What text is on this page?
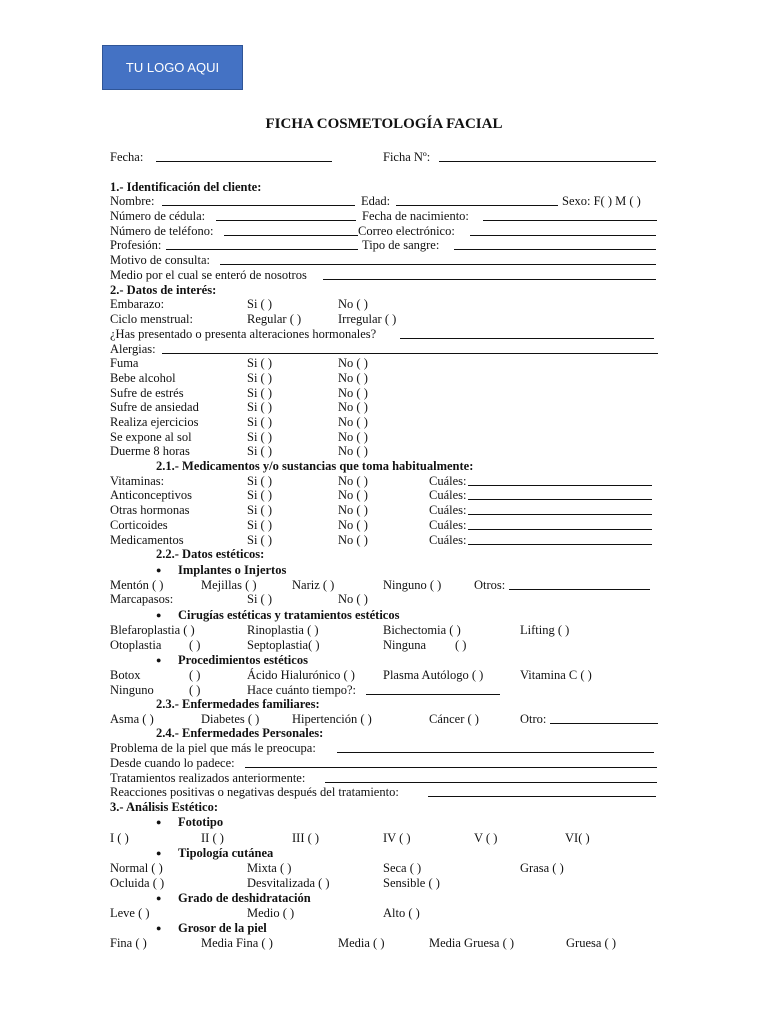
TU LOGO AQUI
FICHA COSMETOLOGÍA FACIAL
Fecha:	Ficha Nº:
1.- Identificación del cliente:
Nombre:	Edad:	Sexo: F( ) M ( )
Número de cédula:	Fecha de nacimiento:
Número de teléfono:	Correo electrónico:
Profesión:	Tipo de sangre:
Motivo de consulta:
Medio por el cual se enteró de nosotros
2.- Datos de interés:
Embarazo:	Si ( )	No ( )
Ciclo menstrual:	Regular ( )	Irregular ( )
¿Has presentado o presenta alteraciones hormonales?
Alergias:
Fuma	Si ( )	No ( )
Bebe alcohol	Si ( )	No ( )
Sufre de estrés	Si ( )	No ( )
Sufre de ansiedad	Si ( )	No ( )
Realiza ejercicios	Si ( )	No ( )
Se expone al sol	Si ( )	No ( )
Duerme 8 horas	Si ( )	No ( )
2.1.- Medicamentos y/o sustancias que toma habitualmente:
Vitaminas:	Si ( )	No ( )	Cuáles:
Anticonceptivos	Si ( )	No ( )	Cuáles:
Otras hormonas	Si ( )	No ( )	Cuáles:
Corticoides	Si ( )	No ( )	Cuáles:
Medicamentos	Si ( )	No ( )	Cuáles:
2.2.- Datos estéticos:
● Implantes o Injertos
Mentón ( )	Mejillas ( )	Nariz ( )	Ninguno ( )	Otros:
Marcapasos:	Si ( )	No ( )
● Cirugías estéticas y tratamientos estéticos
Blefaroplastia ( )	Rinoplastia ( )	Bichectomia ( )	Lifting ( )
Otoplastia ( )	Septoplastia( )	Ninguna ( )
● Procedimientos estéticos
Botox	( )	Ácido Hialurónico ( ) Plasma Autólogo ( )	Vitamina C ( )
Ninguno	( )	Hace cuánto tiempo?:
2.3.- Enfermedades familiares:
Asma ( )	Diabetes ( )	Hipertención ( )	Cáncer ( )	Otro:
2.4.- Enfermedades Personales:
Problema de la piel que más le preocupa:
Desde cuando lo padece:
Tratamientos realizados anteriormente:
Reacciones positivas o negativas después del tratamiento:
3.- Análisis Estético:
● Fototipo
I ( )	II ( )	III ( )	IV ( )	V ( )	VI( )
● Tipología cutánea
Normal ( )	Mixta ( )	Seca ( )	Grasa ( )
Ocluida ( )	Desvitalizada ( )	Sensible ( )
● Grado de deshidratación
Leve ( )	Medio ( )	Alto ( )
● Grosor de la piel
Fina ( )	Media Fina ( )	Media ( )	Media Gruesa ( )	Gruesa ( )
